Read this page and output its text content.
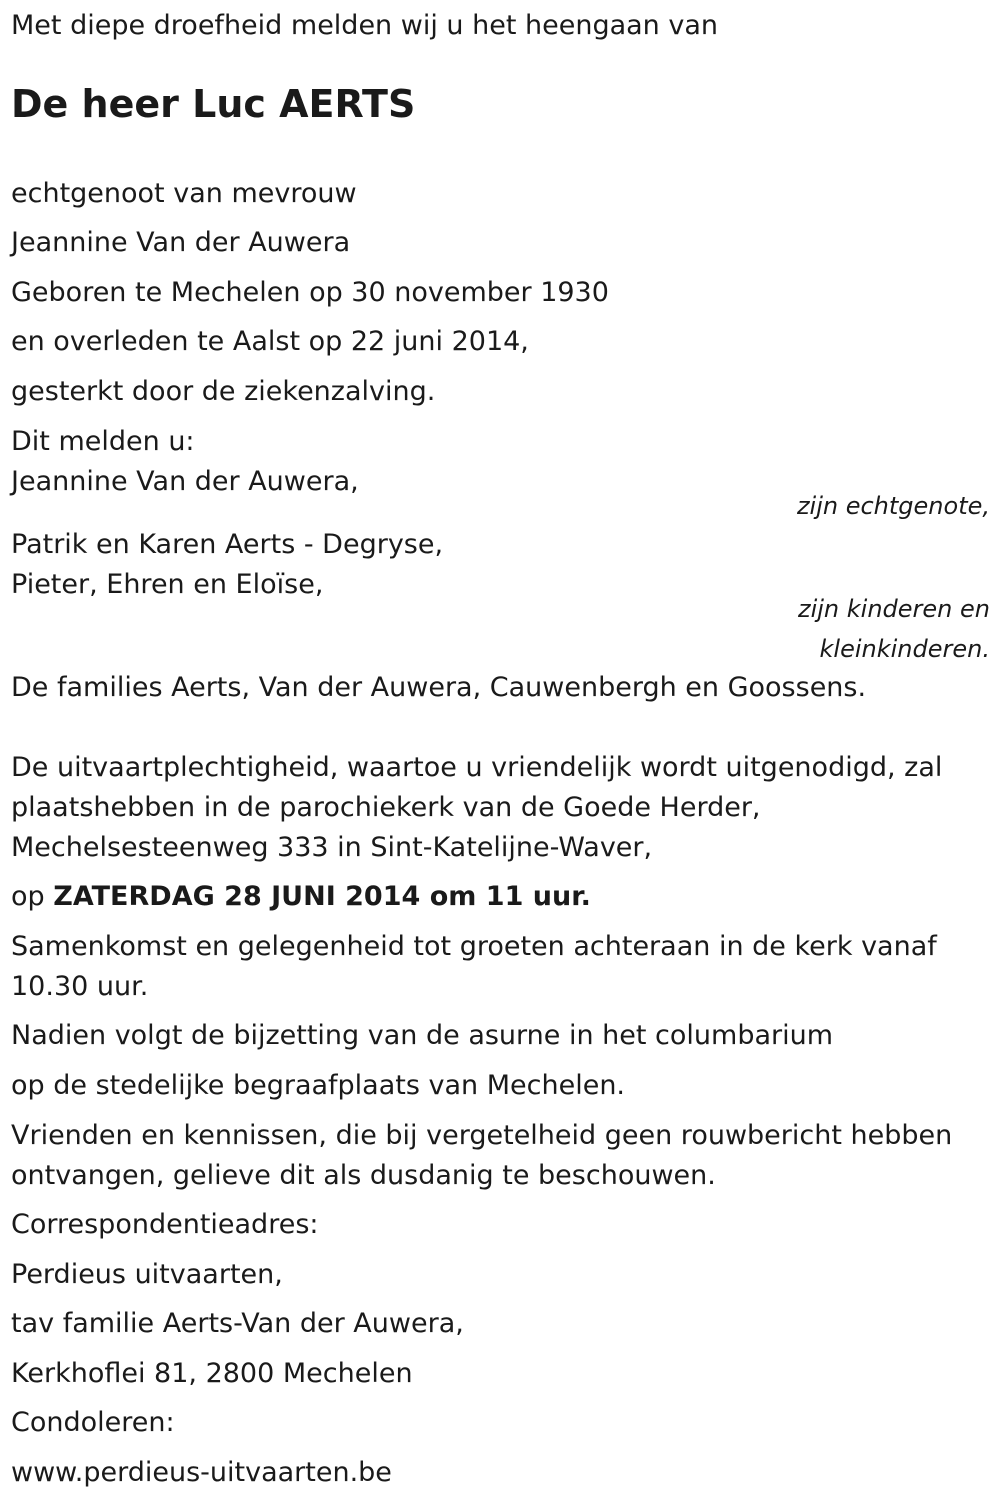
Met diepe droefheid melden wij u het heengaan van

De heer Luc AERTS

echtgenoot van mevrouw

Jeannine Van der Auwera

Geboren te Mechelen op 30 november 1930

en overleden te Aalst op 22 juni 2014,

gesterkt door de ziekenzalving.

Dit melden u:

Jeannine Van der Auwera,

zijn echtgenote,

Patrik en Karen Aerts - Degryse,

Pieter, Ehren en Eloïse,

zijn kinderen en
kleinkinderen.

De families Aerts, Van der Auwera, Cauwenbergh en Goossens.

De uitvaartplechtigheid, waartoe u vriendelijk wordt uitgenodigd, zal

plaatshebben in de parochiekerk van de Goede Herder,

Mechelsesteenweg 333 in Sint-Katelijne-Waver,

op ZATERDAG 28 JUNI 2014 om 11 uur.

Samenkomst en gelegenheid tot groeten achteraan in de kerk vanaf

10.30 uur.

Nadien volgt de bijzetting van de asurne in het columbarium

op de stedelijke begraafplaats van Mechelen.

Vrienden en kennissen, die bij vergetelheid geen rouwbericht hebben

ontvangen, gelieve dit als dusdanig te beschouwen.

Correspondentieadres:

Perdieus uitvaarten,

tav familie Aerts-Van der Auwera,

Kerkhoflei 81, 2800 Mechelen

Condoleren:

www.perdieus-uitvaarten.be
